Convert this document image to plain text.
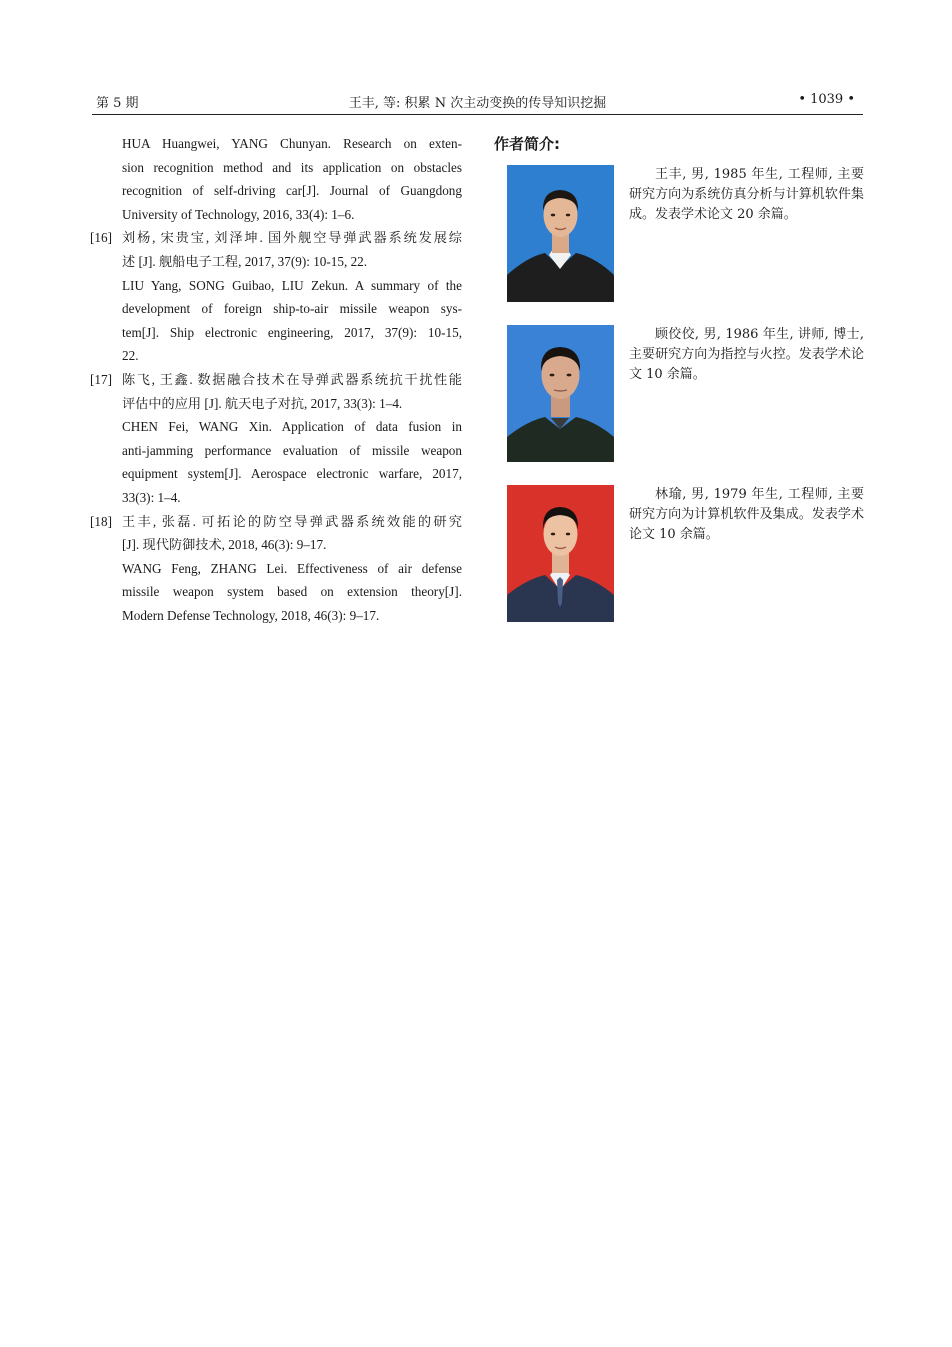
第 5 期	王丰, 等: 积累 N 次主动变换的传导知识挖掘	• 1039 •
HUA Huangwei, YANG Chunyan. Research on exten-
sion recognition method and its application on obstacles
recognition of self-driving car[J]. Journal of Guangdong
University of Technology, 2016, 33(4): 1–6.
[16] 刘杨, 宋贵宝, 刘泽坤. 国外舰空导弹武器系统发展综
述 [J]. 舰船电子工程, 2017, 37(9): 10-15, 22.
LIU Yang, SONG Guibao, LIU Zekun. A summary of the
development of foreign ship-to-air missile weapon sys-
tem[J]. Ship electronic engineering, 2017, 37(9): 10-15,
22.
[17] 陈飞, 王鑫. 数据融合技术在导弹武器系统抗干扰性能
评估中的应用 [J]. 航天电子对抗, 2017, 33(3): 1–4.
CHEN Fei, WANG Xin. Application of data fusion in
anti-jamming performance evaluation of missile weapon
equipment system[J]. Aerospace electronic warfare, 2017,
33(3): 1–4.
[18] 王丰, 张磊. 可拓论的防空导弹武器系统效能的研究
[J]. 现代防御技术, 2018, 46(3): 9–17.
WANG Feng, ZHANG Lei. Effectiveness of air defense
missile weapon system based on extension theory[J].
Modern Defense Technology, 2018, 46(3): 9–17.
作者简介:
王丰, 男, 1985 年生, 工程师, 主要研究方向为系统仿真分析与计算机软件集成。发表学术论文 20 余篇。
顾佼佼, 男, 1986 年生, 讲师, 博士, 主要研究方向为指控与火控。发表学术论文 10 余篇。
林瑜, 男, 1979 年生, 工程师, 主要研究方向为计算机软件及集成。发表学术论文 10 余篇。
